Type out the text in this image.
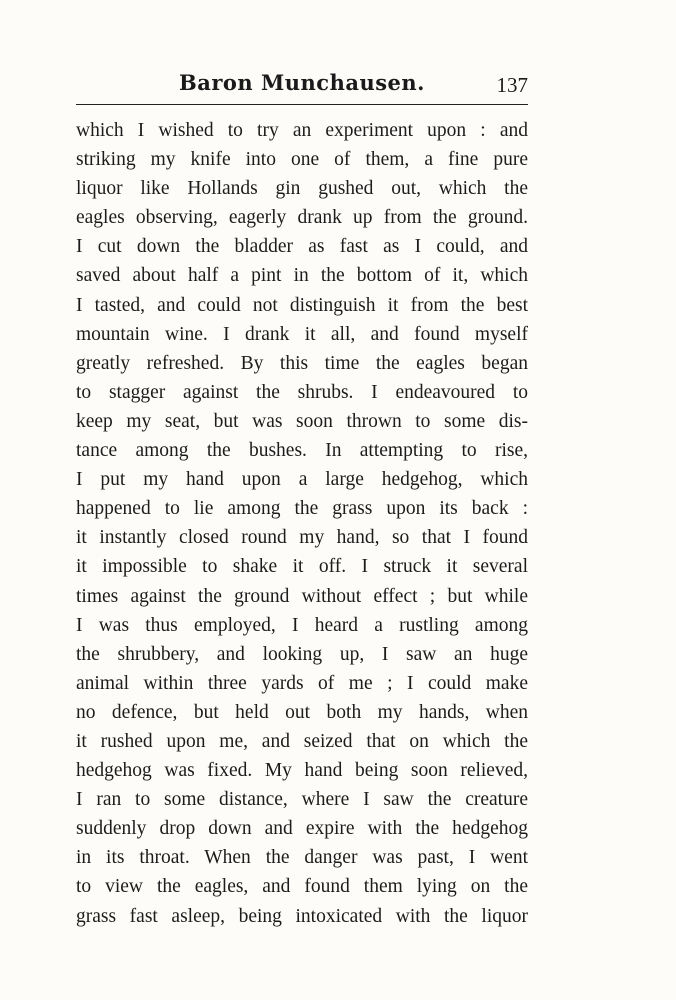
Baron Munchausen.	137
which I wished to try an experiment upon : and
striking my knife into one of them, a fine pure
liquor like Hollands gin gushed out, which the
eagles observing, eagerly drank up from the ground.
I cut down the bladder as fast as I could, and
saved about half a pint in the bottom of it, which
I tasted, and could not distinguish it from the best
mountain wine. I drank it all, and found myself
greatly refreshed. By this time the eagles began
to stagger against the shrubs. I endeavoured to
keep my seat, but was soon thrown to some dis-
tance among the bushes. In attempting to rise,
I put my hand upon a large hedgehog, which
happened to lie among the grass upon its back :
it instantly closed round my hand, so that I found
it impossible to shake it off. I struck it several
times against the ground without effect ; but while
I was thus employed, I heard a rustling among
the shrubbery, and looking up, I saw an huge
animal within three yards of me ; I could make
no defence, but held out both my hands, when
it rushed upon me, and seized that on which the
hedgehog was fixed. My hand being soon relieved,
I ran to some distance, where I saw the creature
suddenly drop down and expire with the hedgehog
in its throat. When the danger was past, I went
to view the eagles, and found them lying on the
grass fast asleep, being intoxicated with the liquor
